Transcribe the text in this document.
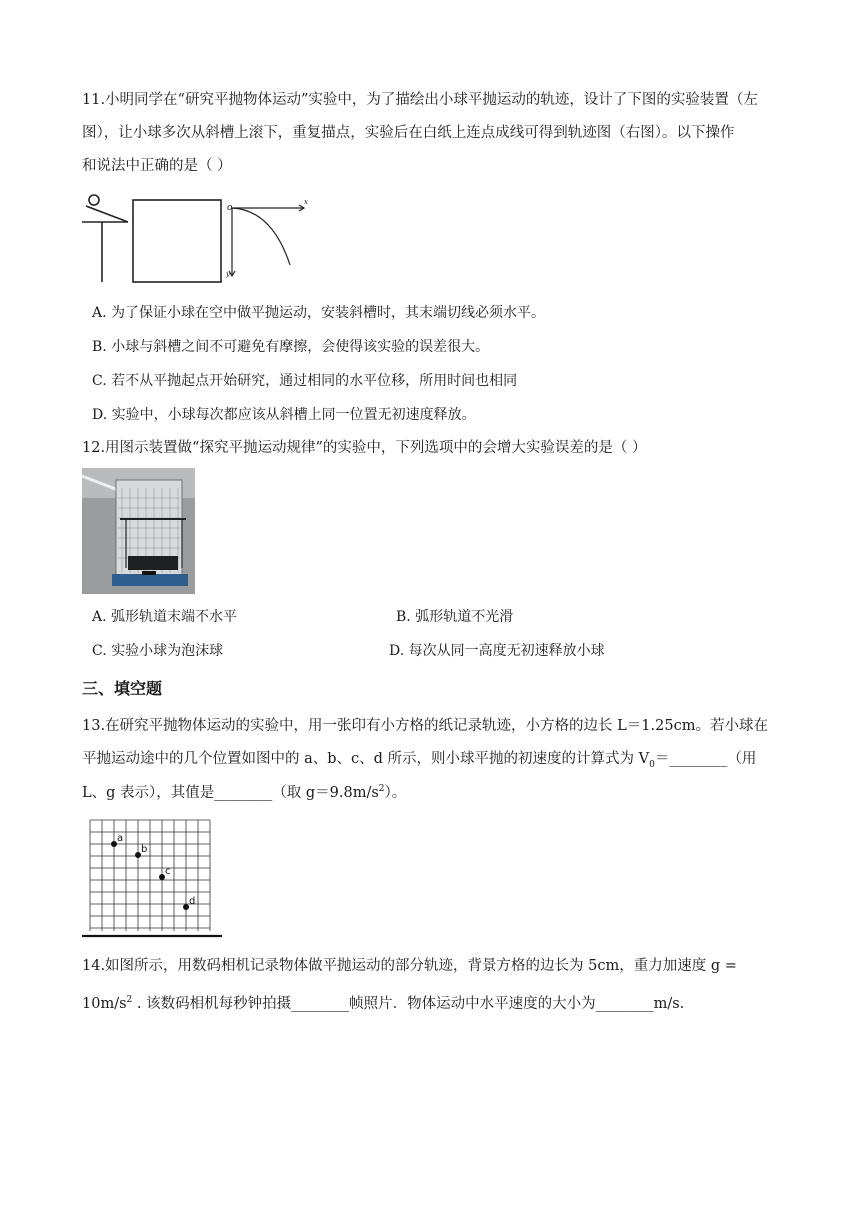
11.小明同学在“研究平抛物体运动”实验中，为了描绘出小球平抛运动的轨迹，设计了下图的实验装置（左
图），让小球多次从斜槽上滚下，重复描点，实验后在白纸上连点成线可得到轨迹图（右图）。以下操作
和说法中正确的是（ ）
o
x
y
A. 为了保证小球在空中做平抛运动，安装斜槽时，其末端切线必须水平。
B. 小球与斜槽之间不可避免有摩擦，会使得该实验的误差很大。
C. 若不从平抛起点开始研究，通过相同的水平位移，所用时间也相同
D. 实验中，小球每次都应该从斜槽上同一位置无初速度释放。
12.用图示装置做“探究平抛运动规律”的实验中，下列选项中的会增大实验误差的是（ ）
A. 弧形轨道末端不水平	B. 弧形轨道不光滑
C. 实验小球为泡沫球	D. 每次从同一高度无初速释放小球
三、填空题
13.在研究平抛物体运动的实验中，用一张印有小方格的纸记录轨迹，小方格的边长 L＝1.25cm。若小球在
平抛运动途中的几个位置如图中的 a、b、c、d 所示，则小球平抛的初速度的计算式为 $V_0=\_\_\_\_\_\_\_\_$（用
L、g 表示），其值是________（取 $g=9.8m/s^2$）。
a
b
c
d
14.如图所示，用数码相机记录物体做平抛运动的部分轨迹，背景方格的边长为 5cm，重力加速度 g =
$10m/s^2$ . 该数码相机每秒钟拍摄________帧照片．物体运动中水平速度的大小为________m/s.
